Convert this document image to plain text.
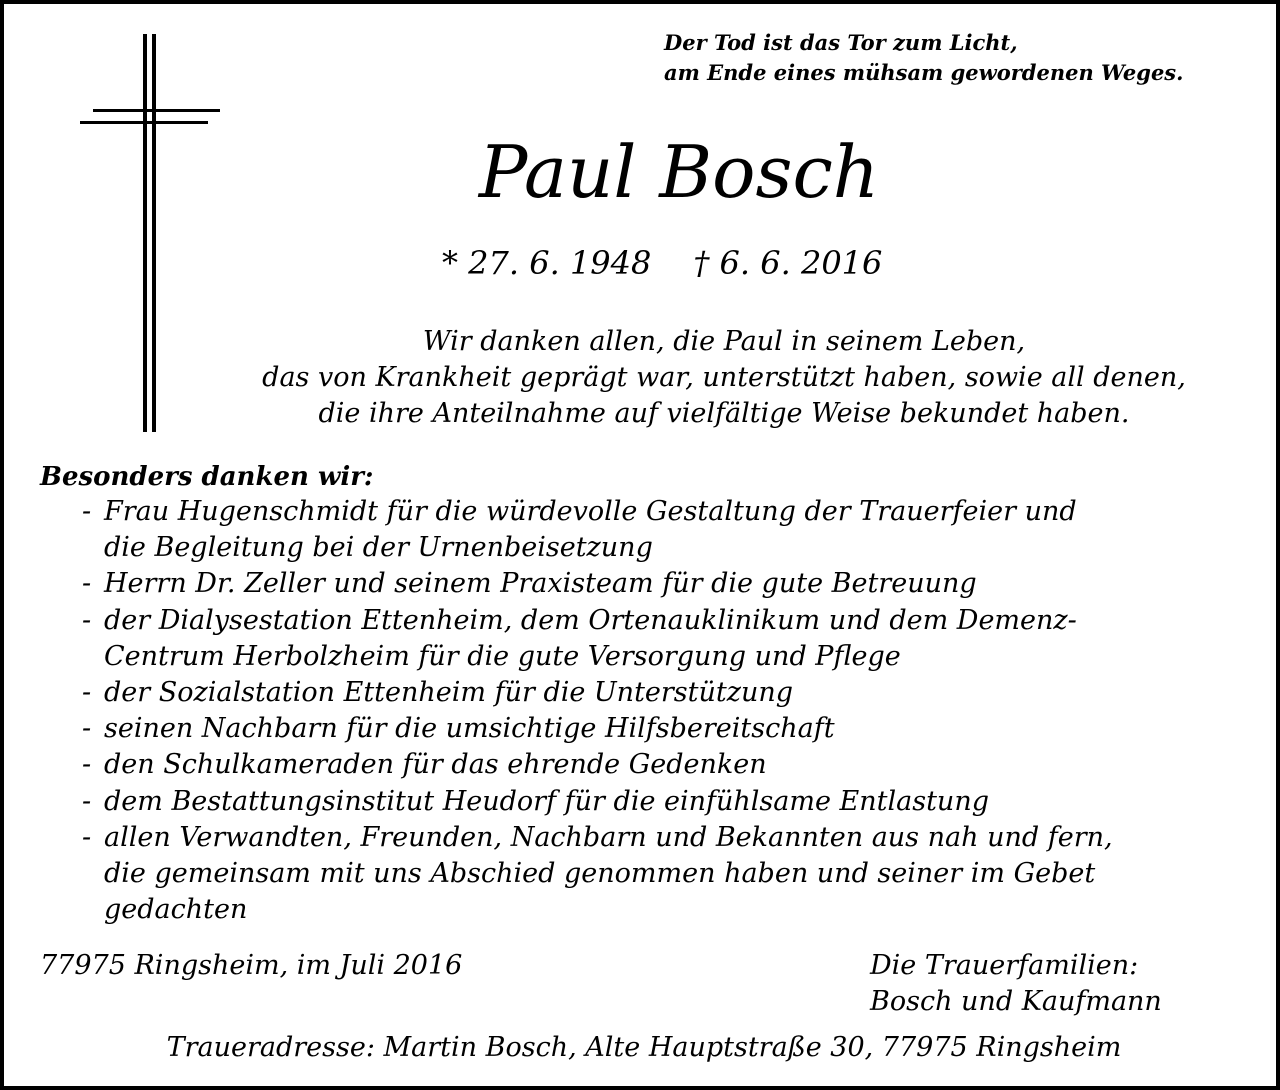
Der Tod ist das Tor zum Licht,
am Ende eines mühsam gewordenen Weges.
Paul Bosch
* 27. 6. 1948 † 6. 6. 2016
Wir danken allen, die Paul in seinem Leben,
das von Krankheit geprägt war, unterstützt haben, sowie all denen,
die ihre Anteilnahme auf vielfältige Weise bekundet haben.
Besonders danken wir:
- Frau Hugenschmidt für die würdevolle Gestaltung der Trauerfeier und
die Begleitung bei der Urnenbeisetzung
- Herrn Dr. Zeller und seinem Praxisteam für die gute Betreuung
- der Dialysestation Ettenheim, dem Ortenauklinikum und dem Demenz-
Centrum Herbolzheim für die gute Versorgung und Pflege
- der Sozialstation Ettenheim für die Unterstützung
- seinen Nachbarn für die umsichtige Hilfsbereitschaft
- den Schulkameraden für das ehrende Gedenken
- dem Bestattungsinstitut Heudorf für die einfühlsame Entlastung
- allen Verwandten, Freunden, Nachbarn und Bekannten aus nah und fern,
die gemeinsam mit uns Abschied genommen haben und seiner im Gebet
gedachten
77975 Ringsheim, im Juli 2016	Die Trauerfamilien:
Bosch und Kaufmann
Traueradresse: Martin Bosch, Alte Hauptstraße 30, 77975 Ringsheim
